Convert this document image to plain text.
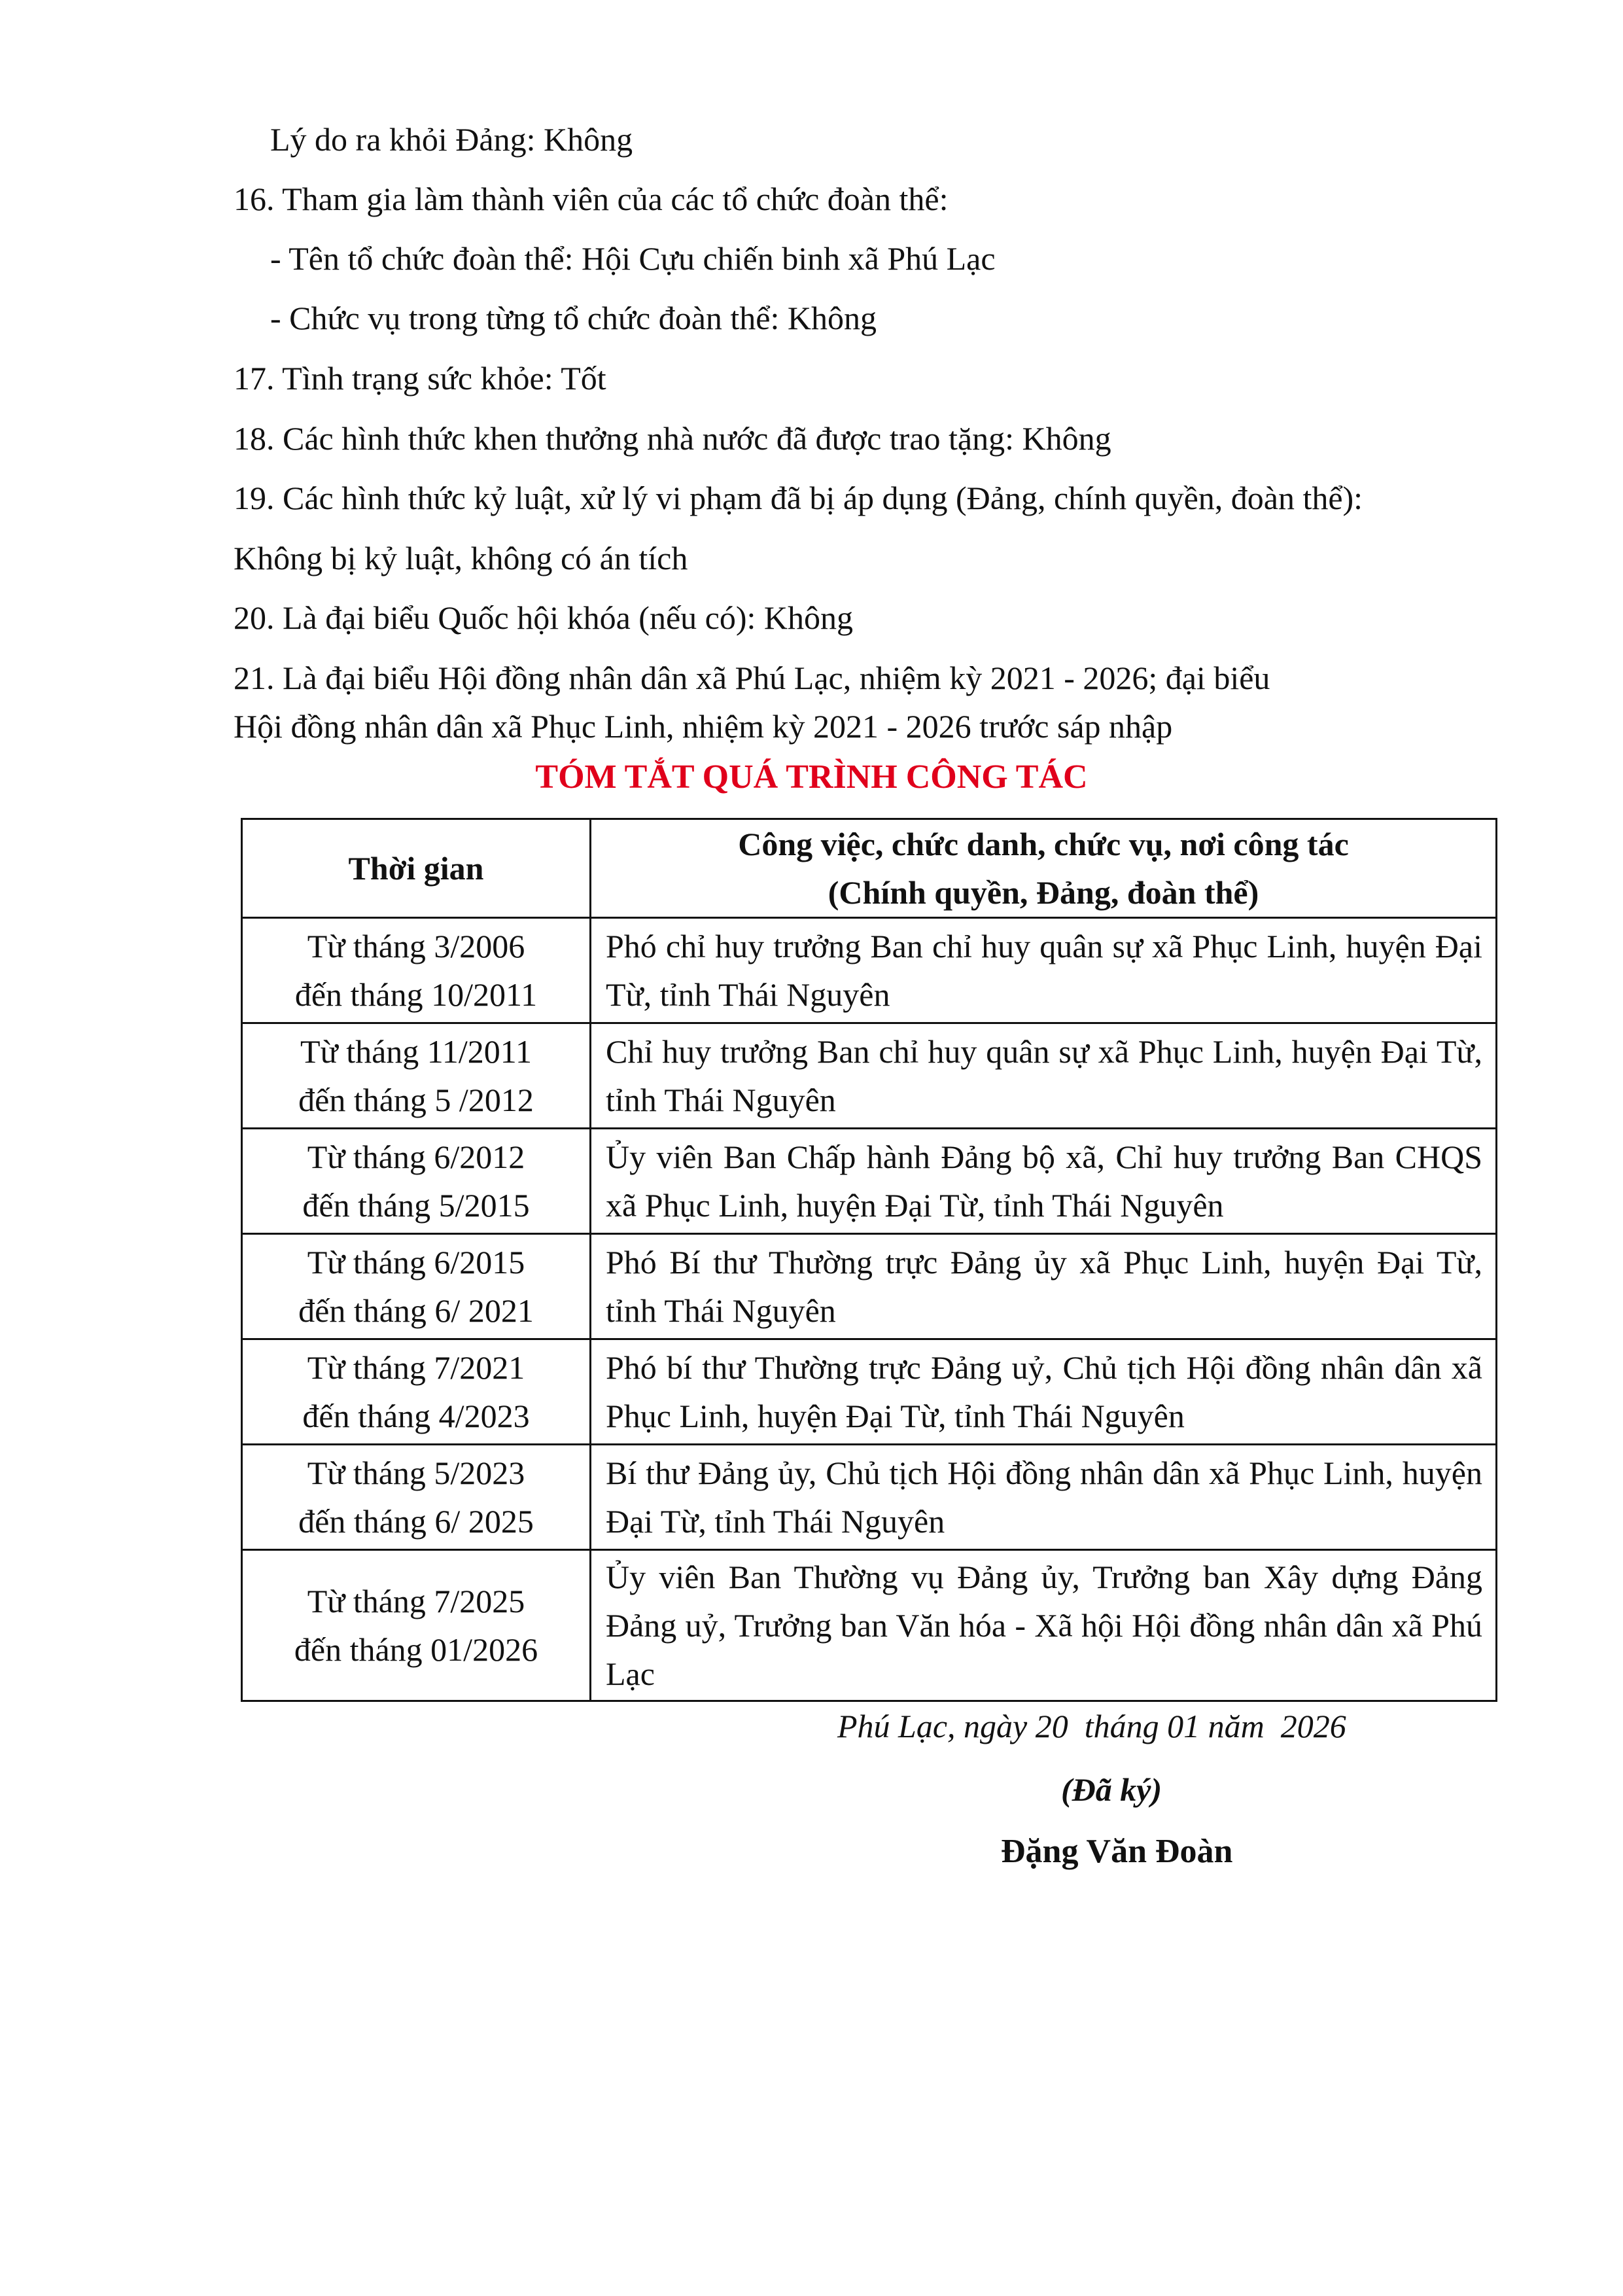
Lý do ra khỏi Đảng: Không
16. Tham gia làm thành viên của các tổ chức đoàn thể:
- Tên tổ chức đoàn thể: Hội Cựu chiến binh xã Phú Lạc
- Chức vụ trong từng tổ chức đoàn thể: Không
17. Tình trạng sức khỏe: Tốt
18. Các hình thức khen thưởng nhà nước đã được trao tặng: Không
19. Các hình thức kỷ luật, xử lý vi phạm đã bị áp dụng (Đảng, chính quyền, đoàn thể):
Không bị kỷ luật, không có án tích
20. Là đại biểu Quốc hội khóa (nếu có): Không
21. Là đại biểu Hội đồng nhân dân xã Phú Lạc, nhiệm kỳ 2021 - 2026; đại biểu
Hội đồng nhân dân xã Phục Linh, nhiệm kỳ 2021 - 2026 trước sáp nhập
TÓM TẮT QUÁ TRÌNH CÔNG TÁC
Thời gian	Công việc, chức danh, chức vụ, nơi công tác
(Chính quyền, Đảng, đoàn thể)

Từ tháng 3/2006
đến tháng 10/2011	Phó chỉ huy trưởng Ban chỉ huy quân sự xã Phục Linh, huyện Đại Từ, tỉnh Thái Nguyên

Từ tháng 11/2011
đến tháng 5 /2012	Chỉ huy trưởng Ban chỉ huy quân sự xã Phục Linh, huyện Đại Từ, tỉnh Thái Nguyên

Từ tháng 6/2012
đến tháng 5/2015	Ủy viên Ban Chấp hành Đảng bộ xã, Chỉ huy trưởng Ban CHQS xã Phục Linh, huyện Đại Từ, tỉnh Thái Nguyên

Từ tháng 6/2015
đến tháng 6/ 2021	Phó Bí thư Thường trực Đảng ủy xã Phục Linh, huyện Đại Từ, tỉnh Thái Nguyên

Từ tháng 7/2021
đến tháng 4/2023	Phó bí thư Thường trực Đảng uỷ, Chủ tịch Hội đồng nhân dân xã Phục Linh, huyện Đại Từ, tỉnh Thái Nguyên

Từ tháng 5/2023
đến tháng 6/ 2025	Bí thư Đảng ủy, Chủ tịch Hội đồng nhân dân xã Phục Linh, huyện Đại Từ, tỉnh Thái Nguyên

Từ tháng 7/2025
đến tháng 01/2026	Ủy viên Ban Thường vụ Đảng ủy, Trưởng ban Xây dựng Đảng Đảng uỷ, Trưởng ban Văn hóa - Xã hội Hội đồng nhân dân xã Phú Lạc
Phú Lạc, ngày 20  tháng 01 năm  2026
(Đã ký)
Đặng Văn Đoàn
